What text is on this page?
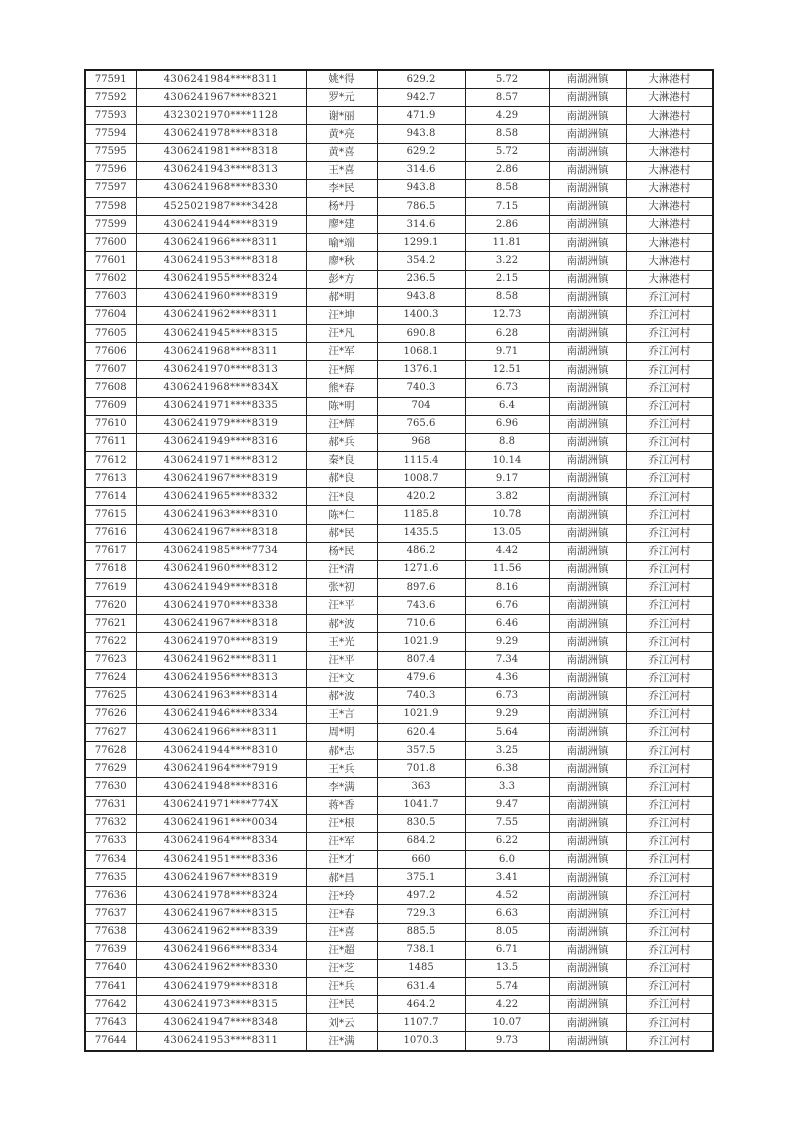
77591	4306241984****8311	姚*得	629.2	5.72	南湖洲镇	大淋港村
77592	4306241967****8321	罗*元	942.7	8.57	南湖洲镇	大淋港村
77593	4323021970****1128	谢*丽	471.9	4.29	南湖洲镇	大淋港村
77594	4306241978****8318	黄*亮	943.8	8.58	南湖洲镇	大淋港村
77595	4306241981****8318	黄*喜	629.2	5.72	南湖洲镇	大淋港村
77596	4306241943****8313	王*喜	314.6	2.86	南湖洲镇	大淋港村
77597	4306241968****8330	李*民	943.8	8.58	南湖洲镇	大淋港村
77598	4525021987****3428	杨*丹	786.5	7.15	南湖洲镇	大淋港村
77599	4306241944****8319	廖*建	314.6	2.86	南湖洲镇	大淋港村
77600	4306241966****8311	喻*端	1299.1	11.81	南湖洲镇	大淋港村
77601	4306241953****8318	廖*秋	354.2	3.22	南湖洲镇	大淋港村
77602	4306241955****8324	彭*方	236.5	2.15	南湖洲镇	大淋港村
77603	4306241960****8319	郝*明	943.8	8.58	南湖洲镇	乔江河村
77604	4306241962****8311	汪*坤	1400.3	12.73	南湖洲镇	乔江河村
77605	4306241945****8315	汪*凡	690.8	6.28	南湖洲镇	乔江河村
77606	4306241968****8311	汪*军	1068.1	9.71	南湖洲镇	乔江河村
77607	4306241970****8313	汪*辉	1376.1	12.51	南湖洲镇	乔江河村
77608	4306241968****834X	熊*春	740.3	6.73	南湖洲镇	乔江河村
77609	4306241971****8335	陈*明	704	6.4	南湖洲镇	乔江河村
77610	4306241979****8319	汪*辉	765.6	6.96	南湖洲镇	乔江河村
77611	4306241949****8316	郝*兵	968	8.8	南湖洲镇	乔江河村
77612	4306241971****8312	秦*良	1115.4	10.14	南湖洲镇	乔江河村
77613	4306241967****8319	郝*良	1008.7	9.17	南湖洲镇	乔江河村
77614	4306241965****8332	汪*良	420.2	3.82	南湖洲镇	乔江河村
77615	4306241963****8310	陈*仁	1185.8	10.78	南湖洲镇	乔江河村
77616	4306241967****8318	郝*民	1435.5	13.05	南湖洲镇	乔江河村
77617	4306241985****7734	杨*民	486.2	4.42	南湖洲镇	乔江河村
77618	4306241960****8312	汪*清	1271.6	11.56	南湖洲镇	乔江河村
77619	4306241949****8318	张*初	897.6	8.16	南湖洲镇	乔江河村
77620	4306241970****8338	汪*平	743.6	6.76	南湖洲镇	乔江河村
77621	4306241967****8318	郝*波	710.6	6.46	南湖洲镇	乔江河村
77622	4306241970****8319	王*光	1021.9	9.29	南湖洲镇	乔江河村
77623	4306241962****8311	汪*平	807.4	7.34	南湖洲镇	乔江河村
77624	4306241956****8313	汪*文	479.6	4.36	南湖洲镇	乔江河村
77625	4306241963****8314	郝*波	740.3	6.73	南湖洲镇	乔江河村
77626	4306241946****8334	王*言	1021.9	9.29	南湖洲镇	乔江河村
77627	4306241966****8311	周*明	620.4	5.64	南湖洲镇	乔江河村
77628	4306241944****8310	郝*志	357.5	3.25	南湖洲镇	乔江河村
77629	4306241964****7919	王*兵	701.8	6.38	南湖洲镇	乔江河村
77630	4306241948****8316	李*满	363	3.3	南湖洲镇	乔江河村
77631	4306241971****774X	蒋*香	1041.7	9.47	南湖洲镇	乔江河村
77632	4306241961****0034	汪*根	830.5	7.55	南湖洲镇	乔江河村
77633	4306241964****8334	汪*军	684.2	6.22	南湖洲镇	乔江河村
77634	4306241951****8336	汪*才	660	6.0	南湖洲镇	乔江河村
77635	4306241967****8319	郝*昌	375.1	3.41	南湖洲镇	乔江河村
77636	4306241978****8324	汪*玲	497.2	4.52	南湖洲镇	乔江河村
77637	4306241967****8315	汪*春	729.3	6.63	南湖洲镇	乔江河村
77638	4306241962****8339	汪*喜	885.5	8.05	南湖洲镇	乔江河村
77639	4306241966****8334	汪*超	738.1	6.71	南湖洲镇	乔江河村
77640	4306241962****8330	汪*芝	1485	13.5	南湖洲镇	乔江河村
77641	4306241979****8318	汪*兵	631.4	5.74	南湖洲镇	乔江河村
77642	4306241973****8315	汪*民	464.2	4.22	南湖洲镇	乔江河村
77643	4306241947****8348	刘*云	1107.7	10.07	南湖洲镇	乔江河村
77644	4306241953****8311	汪*满	1070.3	9.73	南湖洲镇	乔江河村
